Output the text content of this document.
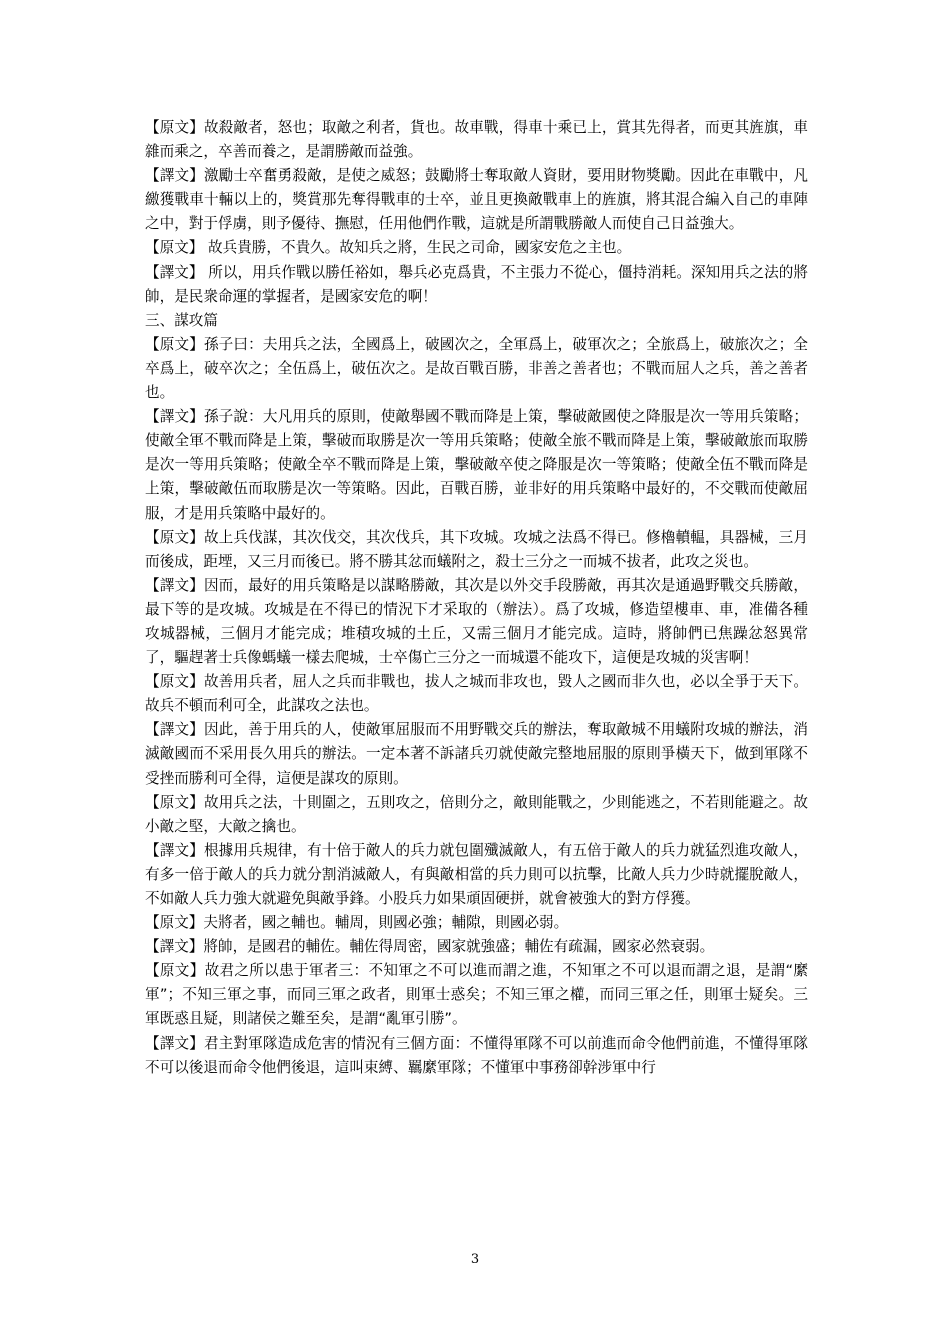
【原文】故殺敵者，怒也；取敵之利者，貨也。故車戰，得車十乘已上，賞其先得者，而更其旌旗，車雜而乘之，卒善而養之，是謂勝敵而益強。

【譯文】激勵士卒奮勇殺敵，是使之威怒；鼓勵將士奪取敵人資財，要用財物獎勵。因此在車戰中，凡繳獲戰車十輛以上的，獎賞那先奪得戰車的士卒，並且更換敵戰車上的旌旗，將其混合編入自己的車陣之中，對于俘虜，則予優待、撫慰，任用他們作戰，這就是所謂戰勝敵人而使自己日益強大。

【原文】 故兵貴勝，不貴久。故知兵之將，生民之司命，國家安危之主也。

【譯文】 所以，用兵作戰以勝任裕如，舉兵必克爲貴，不主張力不從心，僵持消耗。深知用兵之法的將帥，是民衆命運的掌握者，是國家安危的啊！

三、謀攻篇

【原文】孫子曰：夫用兵之法，全國爲上，破國次之，全軍爲上，破軍次之；全旅爲上，破旅次之；全卒爲上，破卒次之；全伍爲上，破伍次之。是故百戰百勝，非善之善者也；不戰而屈人之兵，善之善者也。

【譯文】孫子說：大凡用兵的原則，使敵舉國不戰而降是上策，擊破敵國使之降服是次一等用兵策略；使敵全軍不戰而降是上策，擊破而取勝是次一等用兵策略；使敵全旅不戰而降是上策，擊破敵旅而取勝是次一等用兵策略；使敵全卒不戰而降是上策，擊破敵卒使之降服是次一等策略；使敵全伍不戰而降是上策，擊破敵伍而取勝是次一等策略。因此，百戰百勝，並非好的用兵策略中最好的，不交戰而使敵屈服，才是用兵策略中最好的。

【原文】故上兵伐謀，其次伐交，其次伐兵，其下攻城。攻城之法爲不得已。修櫓轒輼，具器械，三月而後成，距堙，又三月而後已。將不勝其忿而蟻附之，殺士三分之一而城不拔者，此攻之災也。

【譯文】因而，最好的用兵策略是以謀略勝敵，其次是以外交手段勝敵，再其次是通過野戰交兵勝敵，最下等的是攻城。攻城是在不得已的情況下才采取的（辦法）。爲了攻城，修造望樓車、車，准備各種攻城器械，三個月才能完成；堆積攻城的土丘，又需三個月才能完成。這時，將帥們已焦躁忿怒異常了，驅趕著士兵像螞蟻一樣去爬城，士卒傷亡三分之一而城還不能攻下，這便是攻城的災害啊！

【原文】故善用兵者，屈人之兵而非戰也，拔人之城而非攻也，毀人之國而非久也，必以全爭于天下。故兵不頓而利可全，此謀攻之法也。

【譯文】因此，善于用兵的人，使敵軍屈服而不用野戰交兵的辦法，奪取敵城不用蟻附攻城的辦法，消滅敵國而不采用長久用兵的辦法。一定本著不訴諸兵刃就使敵完整地屈服的原則爭橫天下，做到軍隊不受挫而勝利可全得，這便是謀攻的原則。

【原文】故用兵之法，十則圍之，五則攻之，倍則分之，敵則能戰之，少則能逃之，不若則能避之。故小敵之堅，大敵之擒也。

【譯文】根據用兵規律，有十倍于敵人的兵力就包圍殲滅敵人，有五倍于敵人的兵力就猛烈進攻敵人，有多一倍于敵人的兵力就分割消滅敵人，有與敵相當的兵力則可以抗擊，比敵人兵力少時就擺脫敵人，不如敵人兵力強大就避免與敵爭鋒。小股兵力如果頑固硬拼，就會被強大的對方俘獲。

【原文】夫將者，國之輔也。輔周，則國必強；輔隙，則國必弱。

【譯文】將帥，是國君的輔佐。輔佐得周密，國家就強盛；輔佐有疏漏，國家必然衰弱。

【原文】故君之所以患于軍者三：不知軍之不可以進而謂之進，不知軍之不可以退而謂之退，是謂“縻軍”；不知三軍之事，而同三軍之政者，則軍士惑矣；不知三軍之權，而同三軍之任，則軍士疑矣。三軍既惑且疑，則諸侯之難至矣，是謂“亂軍引勝”。

【譯文】君主對軍隊造成危害的情況有三個方面：不懂得軍隊不可以前進而命令他們前進，不懂得軍隊不可以後退而命令他們後退，這叫束縛、羈縻軍隊；不懂軍中事務卻幹涉軍中行

3
